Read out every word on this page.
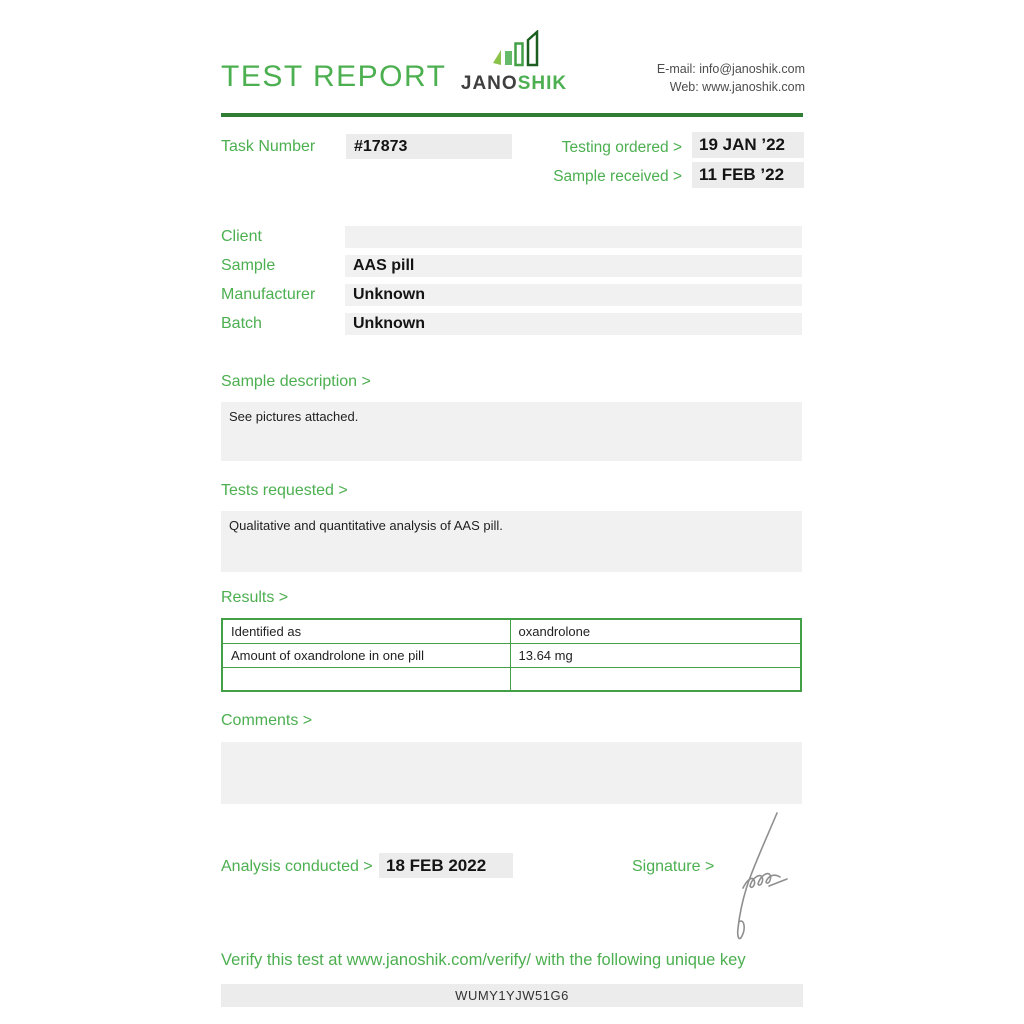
TEST REPORT JANOSHIK
E-mail: info@janoshik.com
Web: www.janoshik.com
Task Number	#17873	Testing ordered >	19 JAN ’22
Sample received >	11 FEB ’22
Client
Sample	AAS pill
Manufacturer	Unknown
Batch	Unknown
Sample description >
See pictures attached.
Tests requested >
Qualitative and quantitative analysis of AAS pill.
Results >
Identified as	oxandrolone
Amount of oxandrolone in one pill	13.64 mg

Comments >
Analysis conducted > 18 FEB 2022	Signature >
Verify this test at www.janoshik.com/verify/ with the following unique key
WUMY1YJW51G6
